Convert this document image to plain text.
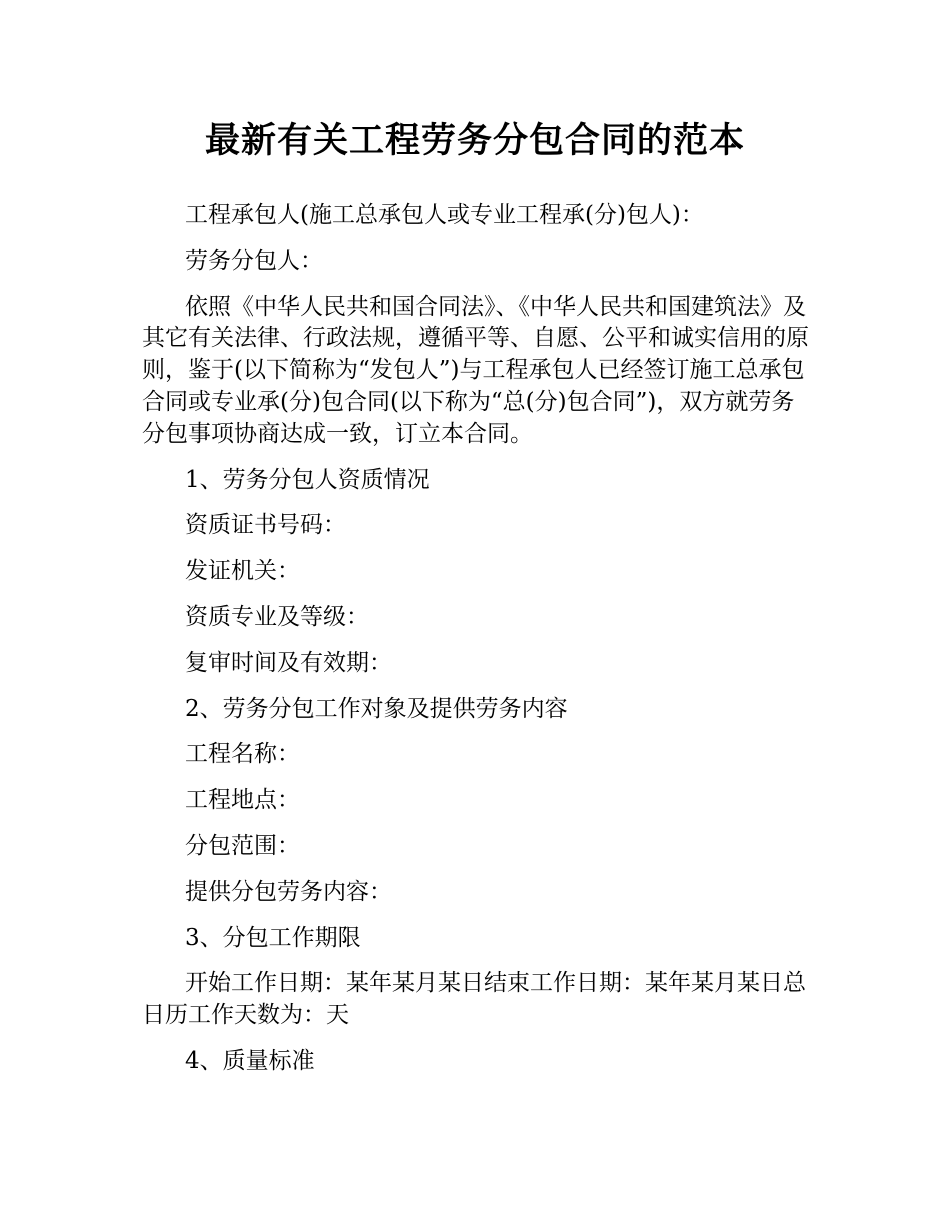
最新有关工程劳务分包合同的范本

工程承包人(施工总承包人或专业工程承(分)包人)：

劳务分包人：

依照《中华人民共和国合同法》、《中华人民共和国建筑法》及其它有关法律、行政法规，遵循平等、自愿、公平和诚实信用的原则，鉴于(以下简称为“发包人”)与工程承包人已经签订施工总承包合同或专业承(分)包合同(以下称为“总(分)包合同”)，双方就劳务分包事项协商达成一致，订立本合同。

1、劳务分包人资质情况

资质证书号码：

发证机关：

资质专业及等级：

复审时间及有效期：

2、劳务分包工作对象及提供劳务内容

工程名称：

工程地点：

分包范围：

提供分包劳务内容：

3、分包工作期限

开始工作日期：某年某月某日结束工作日期：某年某月某日总日历工作天数为：天

4、质量标准
